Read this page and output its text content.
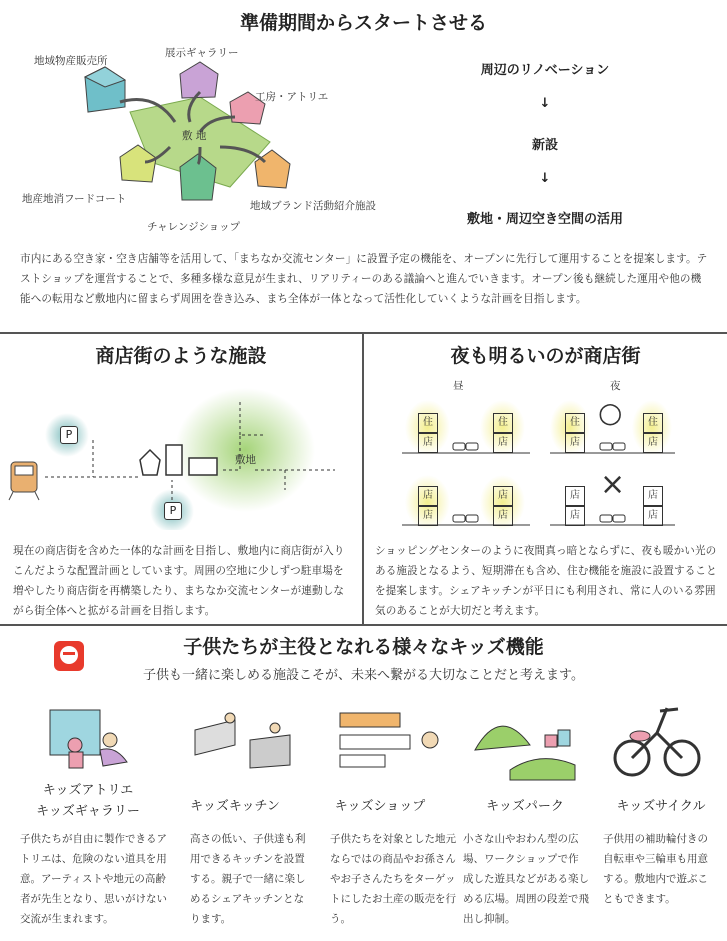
準備期間からスタートさせる
地域物産販売所
展示ギャラリー
工房・アトリエ
敷 地
地産地消フードコート
チャレンジショップ
地域ブランド活動紹介施設
周辺のリノベーション
↓
新設
↓
敷地・周辺空き空間の活用
市内にある空き家・空き店舗等を活用して、「まちなか交流センター」に設置予定の機能を、オープンに先行して運用することを提案します。テストショップを運営することで、多種多様な意見が生まれ、リアリティーのある議論へと進んでいきます。オープン後も継続した運用や他の機能への転用など敷地内に留まらず周囲を巻き込み、まち全体が一体となって活性化していくような計画を目指します。
商店街のような施設
P
P
敷地
現在の商店街を含めた一体的な計画を目指し、敷地内に商店街が入りこんだような配置計画としています。周囲の空地に少しずつ駐車場を増やしたり商店街を再構築したり、まちなか交流センターが連動しながら街全体へと拡がる計画を目指します。
夜も明るいのが商店街
昼	夜
住
店
住
店
住
店
住
店
○
店
店
店
店
店
店
店
店
×
ショッピングセンターのように夜間真っ暗とならずに、夜も暖かい光のある施設となるよう、短期滞在も含め、住む機能を施設に設置することを提案します。シェアキッチンが平日にも利用され、常に人のいる雰囲気のあることが大切だと考えます。
子供たちが主役となれる様々なキッズ機能
子供も一緒に楽しめる施設こそが、未来へ繋がる大切なことだと考えます。
キッズアトリエ
キッズギャラリー	キッズキッチン	キッズショップ	キッズパーク	キッズサイクル
子供たちが自由に製作できるアトリエは、危険のない道具を用意。アーティストや地元の高齢者が先生となり、思いがけない交流が生まれます。
高さの低い、子供達も利用できるキッチンを設置する。親子で一緒に楽しめるシェアキッチンとなります。
子供たちを対象とした地元ならではの商品やお孫さんやお子さんたちをターゲットにしたお土産の販売を行う。
小さな山やおわん型の広場、ワークショップで作成した遊具などがある楽しめる広場。周囲の段差で飛出し抑制。
子供用の補助輪付きの自転車や三輪車も用意する。敷地内で遊ぶこともできます。
